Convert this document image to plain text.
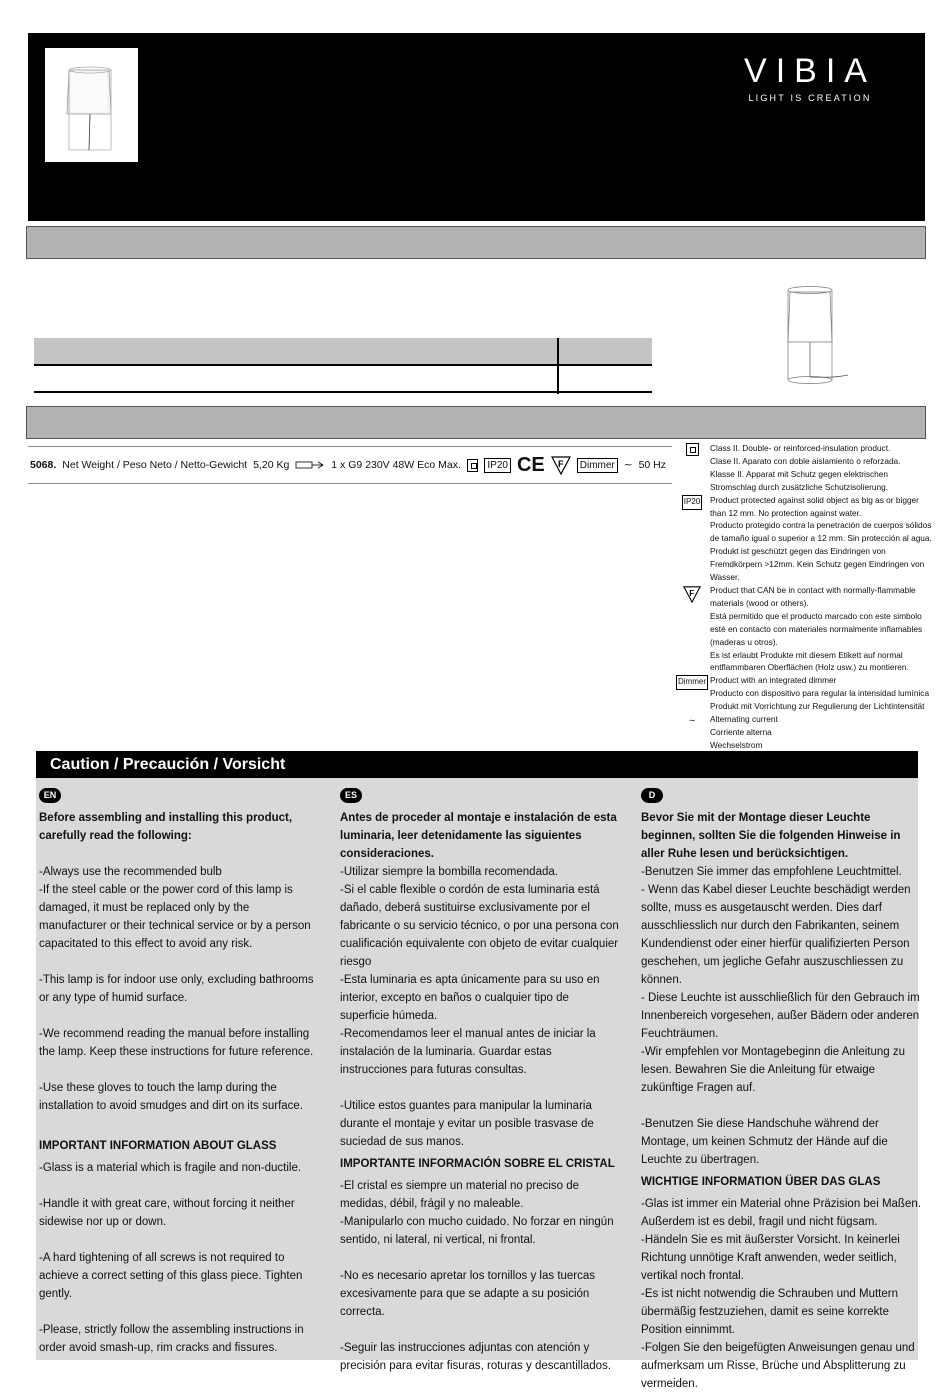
VIBIA
LIGHT IS CREATION
5068. Net Weight / Peso Neto / Netto-Gewicht 5,20 Kg	1 x G9 230V 48W Eco Max.	IP20 CE F	Dimmer ∼ 50 Hz
Class II. Double- or reinforced-insulation product.
Clase II. Aparato con doble aislamiento o reforzada.
Klasse II. Apparat mit Schutz gegen elektrischen
Stromschlag durch zusätzliche Schutzisolierung.
IP20	Product protected against solid object as big as or bigger
than 12 mm. No protection against water.
Producto protegido contra la penetración de cuerpos sólidos
de tamaño igual o superior a 12 mm. Sin protección al agua.
Produkt ist geschützt gegen das Eindringen von
Fremdkörpern >12mm. Kein Schutz gegen Eindringen von
Wasser.
F Product that CAN be in contact with normally-flammable
materials (wood or others).
Está permitido que el producto marcado con este simbolo
esté en contacto con materiales normalmente inflamables
(maderas u otros).
Es ist erlaubt Produkte mit diesem Etikett auf normal
entflammbaren Oberflächen (Holz usw.) zu montieren.
Dimmer Product with an integrated dimmer
Producto con dispositivo para regular la intensidad lumínica
Produkt mit Vorrichtung zur Regulierung der Lichtintensität
∼	Alternating current
Corriente alterna
Wechselstrom
Caution / Precaución / Vorsicht
EN
Before assembling and installing this product, carefully read the following:
-Always use the recommended bulb
-If the steel cable or the power cord of this lamp is damaged, it must be replaced only by the manufacturer or their technical service or by a person capacitated to this effect to avoid any risk.
-This lamp is for indoor use only, excluding bathrooms or any type of humid surface.
-We recommend reading the manual before installing the lamp. Keep these instructions for future reference.
-Use these gloves to touch the lamp during the installation to avoid smudges and dirt on its surface.
IMPORTANT INFORMATION ABOUT GLASS
-Glass is a material which is fragile and non-ductile.
-Handle it with great care, without forcing it neither sidewise nor up or down.
-A hard tightening of all screws is not required to achieve a correct setting of this glass piece. Tighten gently.
-Please, strictly follow the assembling instructions in order avoid smash-up, rim cracks and fissures.
ES
Antes de proceder al montaje e instalación de esta luminaria, leer detenidamente las siguientes consideraciones.
-Utilizar siempre la bombilla recomendada.
-Si el cable flexible o cordón de esta luminaria está dañado, deberá sustituirse exclusivamente por el fabricante o su servicio técnico, o por una persona con cualificación equivalente con objeto de evitar cualquier riesgo
-Esta luminaria es apta únicamente para su uso en interior, excepto en baños o cualquier tipo de superficie húmeda.
-Recomendamos leer el manual antes de iniciar la instalación de la luminaria. Guardar estas instrucciones para futuras consultas.
-Utilice estos guantes para manipular la luminaria durante el montaje y evitar un posible trasvase de suciedad de sus manos.
IMPORTANTE INFORMACIÓN SOBRE EL CRISTAL
-El cristal es siempre un material no preciso de medidas, débil, frágil y no maleable.
-Manipularlo con mucho cuidado. No forzar en ningún sentido, ni lateral, ni vertical, ni frontal.
-No es necesario apretar los tornillos y las tuercas excesivamente para que se adapte a su posición correcta.
-Seguir las instrucciones adjuntas con atención y precisión para evitar fisuras, roturas y descantillados.
D
Bevor Sie mit der Montage dieser Leuchte beginnen, sollten Sie die folgenden Hinweise in aller Ruhe lesen und berücksichtigen.
-Benutzen Sie immer das empfohlene Leuchtmittel.
- Wenn das Kabel dieser Leuchte beschädigt werden sollte, muss es ausgetauscht werden. Dies darf ausschliesslich nur durch den Fabrikanten, seinem Kundendienst oder einer hierfür qualifizierten Person geschehen, um jegliche Gefahr auszuschliessen zu können.
- Diese Leuchte ist ausschließlich für den Gebrauch im Innenbereich vorgesehen, außer Bädern oder anderen Feuchträumen.
-Wir empfehlen vor Montagebeginn die Anleitung zu lesen. Bewahren Sie die Anleitung für etwaige zukünftige Fragen auf.
-Benutzen Sie diese Handschuhe während der Montage, um keinen Schmutz der Hände auf die Leuchte zu übertragen.
WICHTIGE INFORMATION ÜBER DAS GLAS
-Glas ist immer ein Material ohne Präzision bei Maßen. Außerdem ist es debil, fragil und nicht fügsam.
-Händeln Sie es mit äußerster Vorsicht. In keinerlei Richtung unnötige Kraft anwenden, weder seitlich, vertikal noch frontal.
-Es ist nicht notwendig die Schrauben und Muttern übermäßig festzuziehen, damit es seine korrekte Position einnimmt.
-Folgen Sie den beigefügten Anweisungen genau und aufmerksam um Risse, Brüche und Absplitterung zu vermeiden.
